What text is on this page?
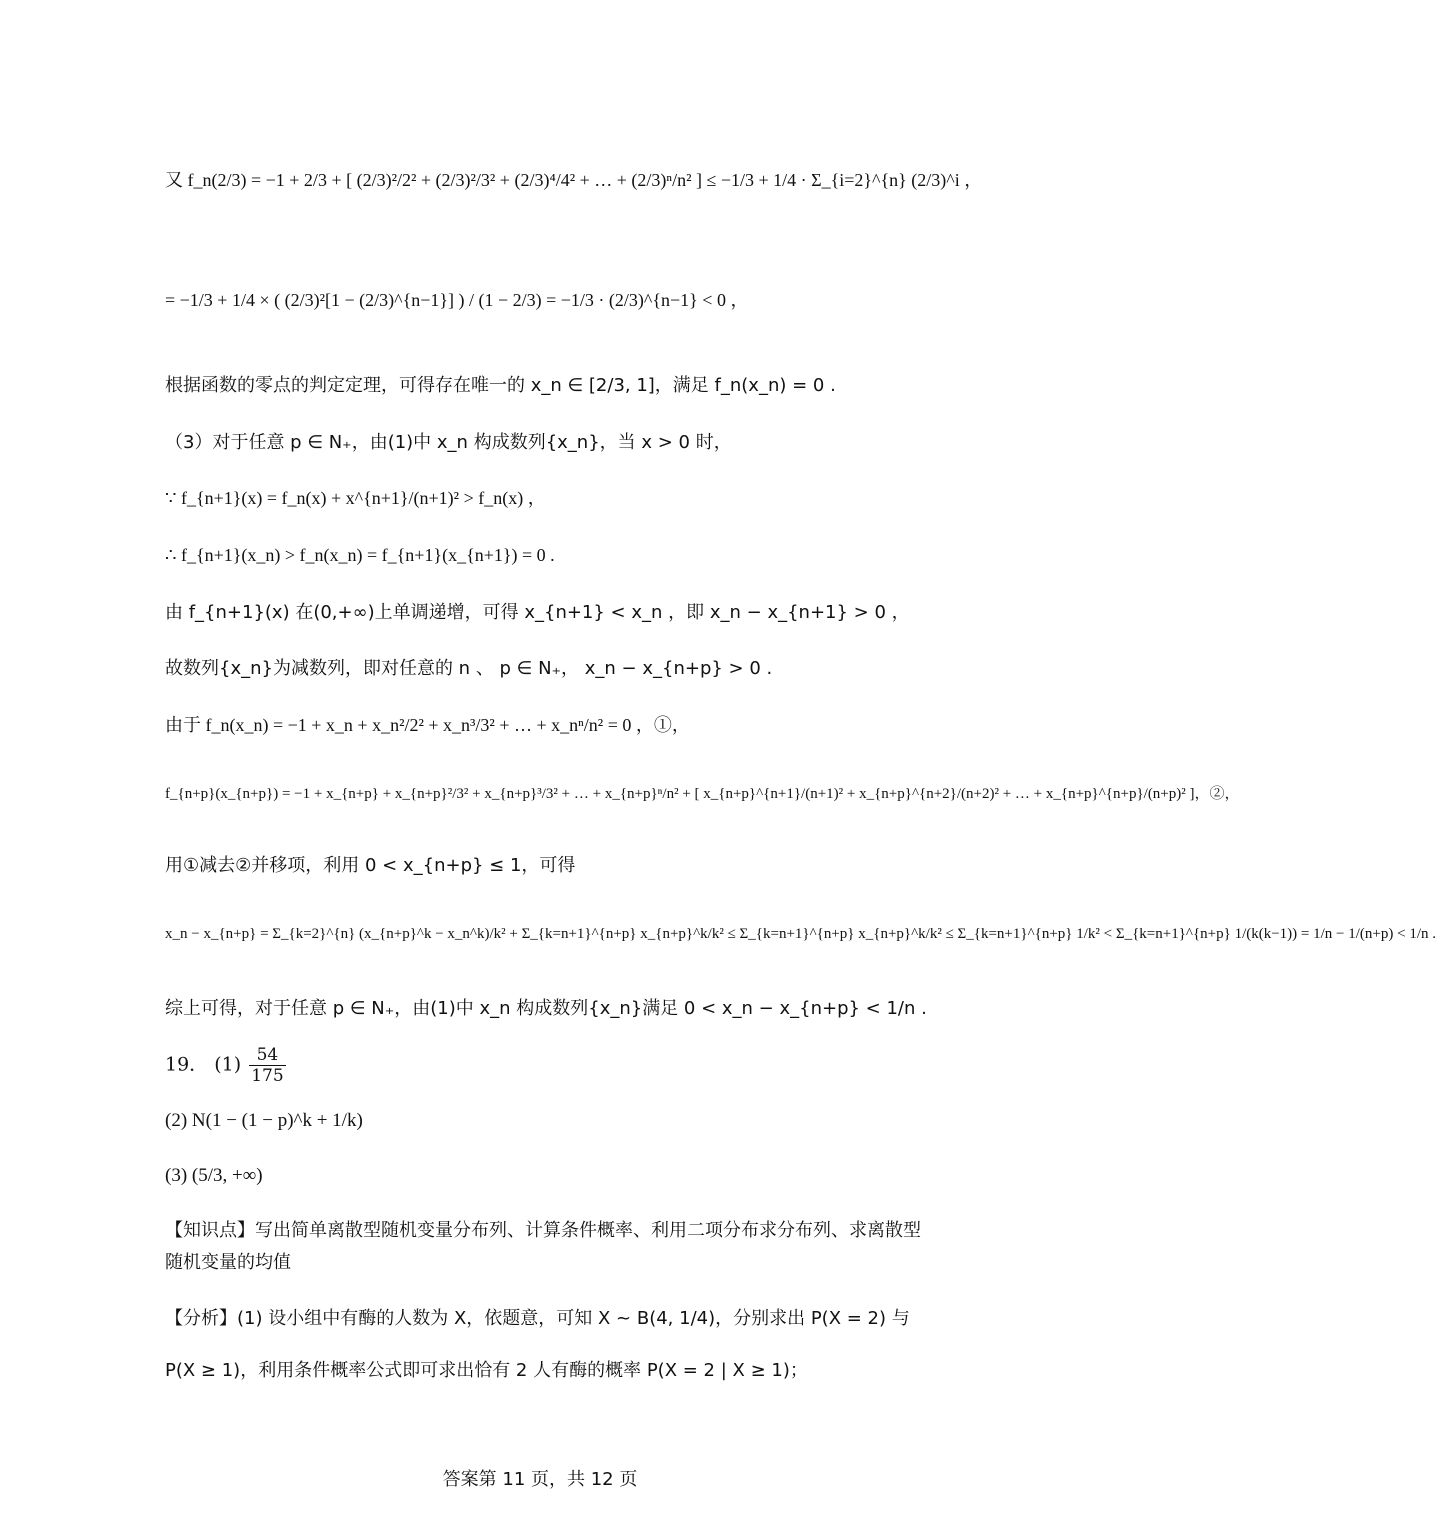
又 f_n(2/3) = −1 + 2/3 + [ (2/3)²/2² + (2/3)²/3² + (2/3)⁴/4² + … + (2/3)ⁿ/n² ] ≤ −1/3 + 1/4 · Σ_{i=2}^{n} (2/3)^i ，
= −1/3 + 1/4 × ( (2/3)²[1 − (2/3)^{n−1}] ) / (1 − 2/3) = −1/3 · (2/3)^{n−1} < 0 ，
根据函数的零点的判定定理，可得存在唯一的 x_n ∈ [2/3, 1]，满足 f_n(x_n) = 0 .
（3）对于任意 p ∈ N₊，由(1)中 x_n 构成数列{x_n}，当 x > 0 时，
∵ f_{n+1}(x) = f_n(x) + x^{n+1}/(n+1)² > f_n(x) ，
∴ f_{n+1}(x_n) > f_n(x_n) = f_{n+1}(x_{n+1}) = 0 .
由 f_{n+1}(x) 在(0,+∞)上单调递增，可得 x_{n+1} < x_n ，即 x_n − x_{n+1} > 0 ，
故数列{x_n}为减数列，即对任意的 n 、 p ∈ N₊， x_n − x_{n+p} > 0 .
由于 f_n(x_n) = −1 + x_n + x_n²/2² + x_n³/3² + … + x_nⁿ/n² = 0 ，①，
f_{n+p}(x_{n+p}) = −1 + x_{n+p} + x_{n+p}²/3² + x_{n+p}³/3² + … + x_{n+p}ⁿ/n² + [ x_{n+p}^{n+1}/(n+1)² + x_{n+p}^{n+2}/(n+2)² + … + x_{n+p}^{n+p}/(n+p)² ]，②，
用①减去②并移项，利用 0 < x_{n+p} ≤ 1，可得
x_n − x_{n+p} = Σ_{k=2}^{n} (x_{n+p}^k − x_n^k)/k² + Σ_{k=n+1}^{n+p} x_{n+p}^k/k² ≤ Σ_{k=n+1}^{n+p} x_{n+p}^k/k² ≤ Σ_{k=n+1}^{n+p} 1/k² < Σ_{k=n+1}^{n+p} 1/(k(k−1)) = 1/n − 1/(n+p) < 1/n .
综上可得，对于任意 p ∈ N₊，由(1)中 x_n 构成数列{x_n}满足 0 < x_n − x_{n+p} < 1/n .
19． $(1) \frac{54}{175}$
(2) N(1 − (1 − p)^k + 1/k)
(3) (5/3, +∞)
【知识点】写出简单离散型随机变量分布列、计算条件概率、利用二项分布求分布列、求离散型随机变量的均值
【分析】(1) 设小组中有酶的人数为 X，依题意，可知 X ~ B(4, 1/4)，分别求出 P(X = 2) 与
P(X ≥ 1)，利用条件概率公式即可求出恰有 2 人有酶的概率 P(X = 2 | X ≥ 1)；
答案第 11 页，共 12 页
